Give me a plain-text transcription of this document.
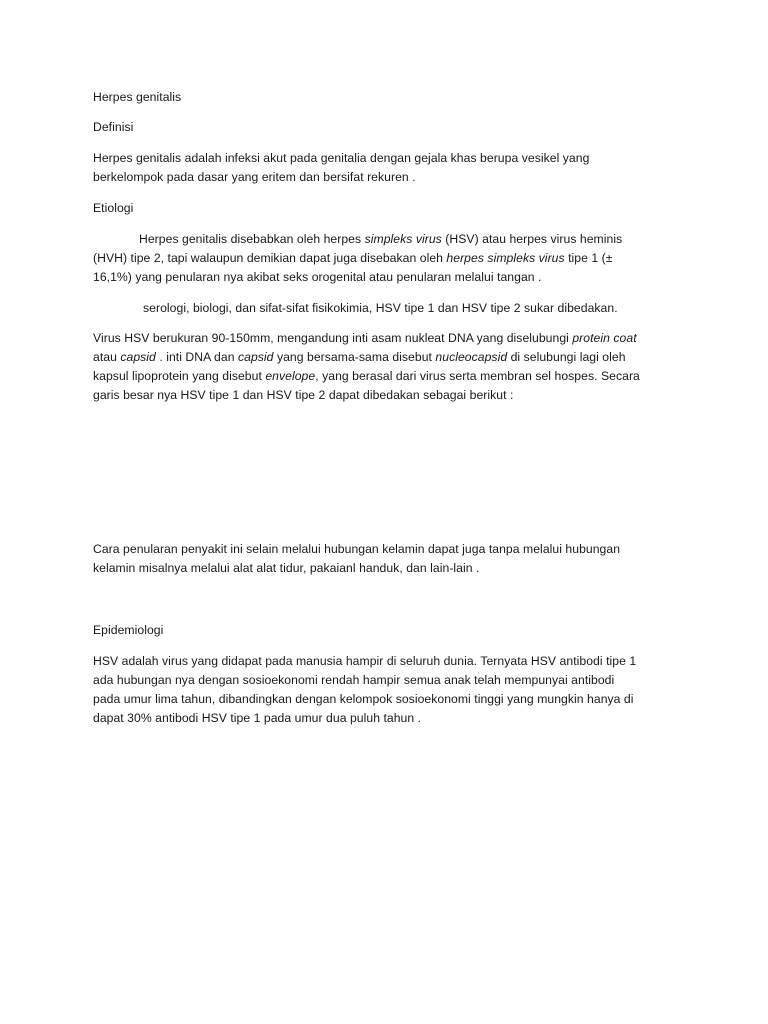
Herpes genitalis
Definisi
Herpes genitalis adalah infeksi akut pada genitalia dengan gejala khas berupa vesikel yang
berkelompok pada dasar yang eritem dan bersifat rekuren .
Etiologi
Herpes genitalis disebabkan oleh herpes simpleks virus (HSV) atau herpes virus heminis
(HVH) tipe 2, tapi walaupun demikian dapat juga disebakan oleh herpes simpleks virus tipe 1 (±
16,1%) yang penularan nya akibat seks orogenital atau penularan melalui tangan .
serologi, biologi, dan sifat-sifat fisikokimia, HSV tipe 1 dan HSV tipe 2 sukar dibedakan.
Virus HSV berukuran 90-150mm, mengandung inti asam nukleat DNA yang diselubungi protein coat
atau capsid . inti DNA dan capsid yang bersama-sama disebut nucleocapsid di selubungi lagi oleh
kapsul lipoprotein yang disebut envelope, yang berasal dari virus serta membran sel hospes. Secara
garis besar nya HSV tipe 1 dan HSV tipe 2 dapat dibedakan sebagai berikut :
Cara penularan penyakit ini selain melalui hubungan kelamin dapat juga tanpa melalui hubungan
kelamin misalnya melalui alat alat tidur, pakaianl handuk, dan lain-lain .
Epidemiologi
HSV adalah virus yang didapat pada manusia hampir di seluruh dunia. Ternyata HSV antibodi tipe 1
ada hubungan nya dengan sosioekonomi rendah hampir semua anak telah mempunyai antibodi
pada umur lima tahun, dibandingkan dengan kelompok sosioekonomi tinggi yang mungkin hanya di
dapat 30% antibodi HSV tipe 1 pada umur dua puluh tahun .
